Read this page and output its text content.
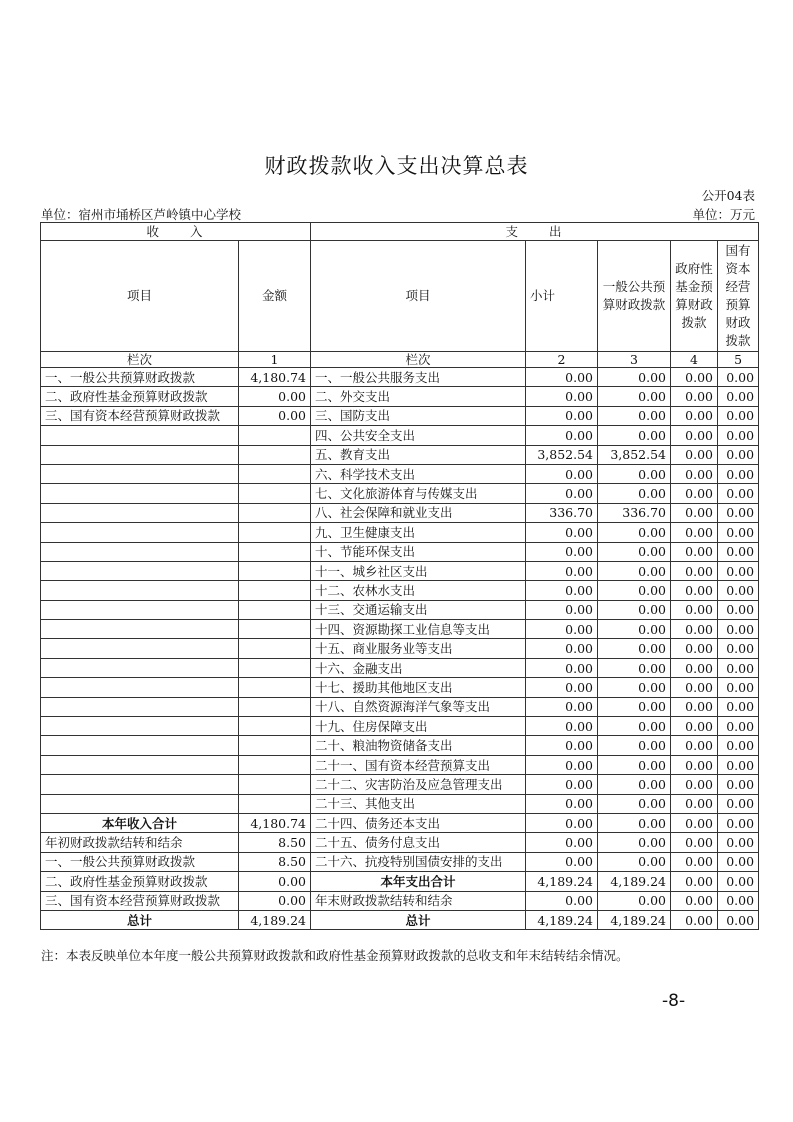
财政拨款收入支出决算总表
公开04表
单位：宿州市埇桥区芦岭镇中心学校	单位：万元
收　　入		支　　出				
项目	金额	项目	小计	一般公共预算财政拨款	政府性基金预算财政拨款	国有资本经营预算财政拨款
栏次	1	栏次	2	3	4	5
一、一般公共预算财政拨款	4,180.74	一、一般公共服务支出	0.00	0.00	0.00	0.00
二、政府性基金预算财政拨款	0.00	二、外交支出	0.00	0.00	0.00	0.00
三、国有资本经营预算财政拨款	0.00	三、国防支出	0.00	0.00	0.00	0.00
		四、公共安全支出	0.00	0.00	0.00	0.00
		五、教育支出	3,852.54	3,852.54	0.00	0.00
		六、科学技术支出	0.00	0.00	0.00	0.00
		七、文化旅游体育与传媒支出	0.00	0.00	0.00	0.00
		八、社会保障和就业支出	336.70	336.70	0.00	0.00
		九、卫生健康支出	0.00	0.00	0.00	0.00
		十、节能环保支出	0.00	0.00	0.00	0.00
		十一、城乡社区支出	0.00	0.00	0.00	0.00
		十二、农林水支出	0.00	0.00	0.00	0.00
		十三、交通运输支出	0.00	0.00	0.00	0.00
		十四、资源勘探工业信息等支出	0.00	0.00	0.00	0.00
		十五、商业服务业等支出	0.00	0.00	0.00	0.00
		十六、金融支出	0.00	0.00	0.00	0.00
		十七、援助其他地区支出	0.00	0.00	0.00	0.00
		十八、自然资源海洋气象等支出	0.00	0.00	0.00	0.00
		十九、住房保障支出	0.00	0.00	0.00	0.00
		二十、粮油物资储备支出	0.00	0.00	0.00	0.00
		二十一、国有资本经营预算支出	0.00	0.00	0.00	0.00
		二十二、灾害防治及应急管理支出	0.00	0.00	0.00	0.00
		二十三、其他支出	0.00	0.00	0.00	0.00
本年收入合计	4,180.74	二十四、债务还本支出	0.00	0.00	0.00	0.00
年初财政拨款结转和结余	8.50	二十五、债务付息支出	0.00	0.00	0.00	0.00
一、一般公共预算财政拨款	8.50	二十六、抗疫特别国债安排的支出	0.00	0.00	0.00	0.00
二、政府性基金预算财政拨款	0.00	本年支出合计	4,189.24	4,189.24	0.00	0.00
三、国有资本经营预算财政拨款	0.00	年末财政拨款结转和结余	0.00	0.00	0.00	0.00
总计	4,189.24	总计	4,189.24	4,189.24	0.00	0.00
注：本表反映单位本年度一般公共预算财政拨款和政府性基金预算财政拨款的总收支和年末结转结余情况。
-8-
